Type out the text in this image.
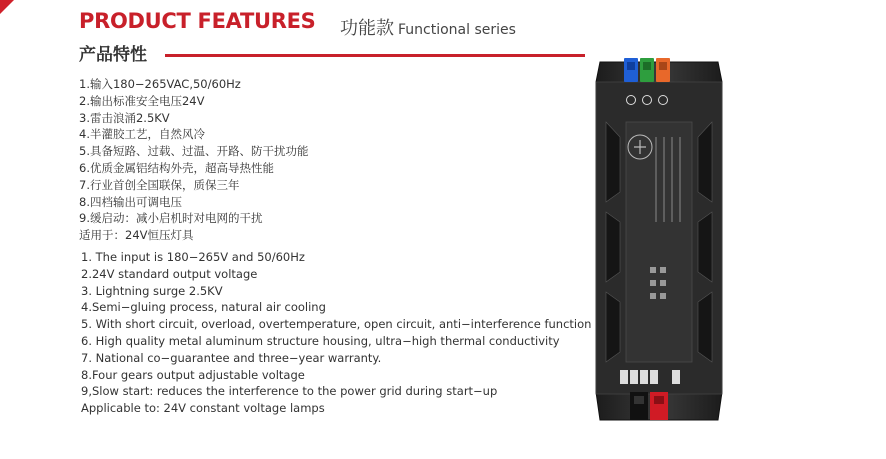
PRODUCT FEATURES 功能款 Functional series
产品特性
1.输入180−265VAC,50/60Hz
2.输出标准安全电压24V
3.雷击浪涌2.5KV
4.半灌胶工艺，自然风冷
5.具备短路、过载、过温、开路、防干扰功能
6.优质金属铝结构外壳，超高导热性能
7.行业首创全国联保，质保三年
8.四档输出可调电压
9.缓启动：减小启机时对电网的干扰
适用于：24V恒压灯具
1. The input is 180−265V and 50/60Hz
2.24V standard output voltage
3. Lightning surge 2.5KV
4.Semi−gluing process, natural air cooling
5. With short circuit, overload, overtemperature, open circuit, anti−interference function
6. High quality metal aluminum structure housing, ultra−high thermal conductivity
7. National co−guarantee and three−year warranty.
8.Four gears output adjustable voltage
9,Slow start: reduces the interference to the power grid during start−up
Applicable to: 24V constant voltage lamps
